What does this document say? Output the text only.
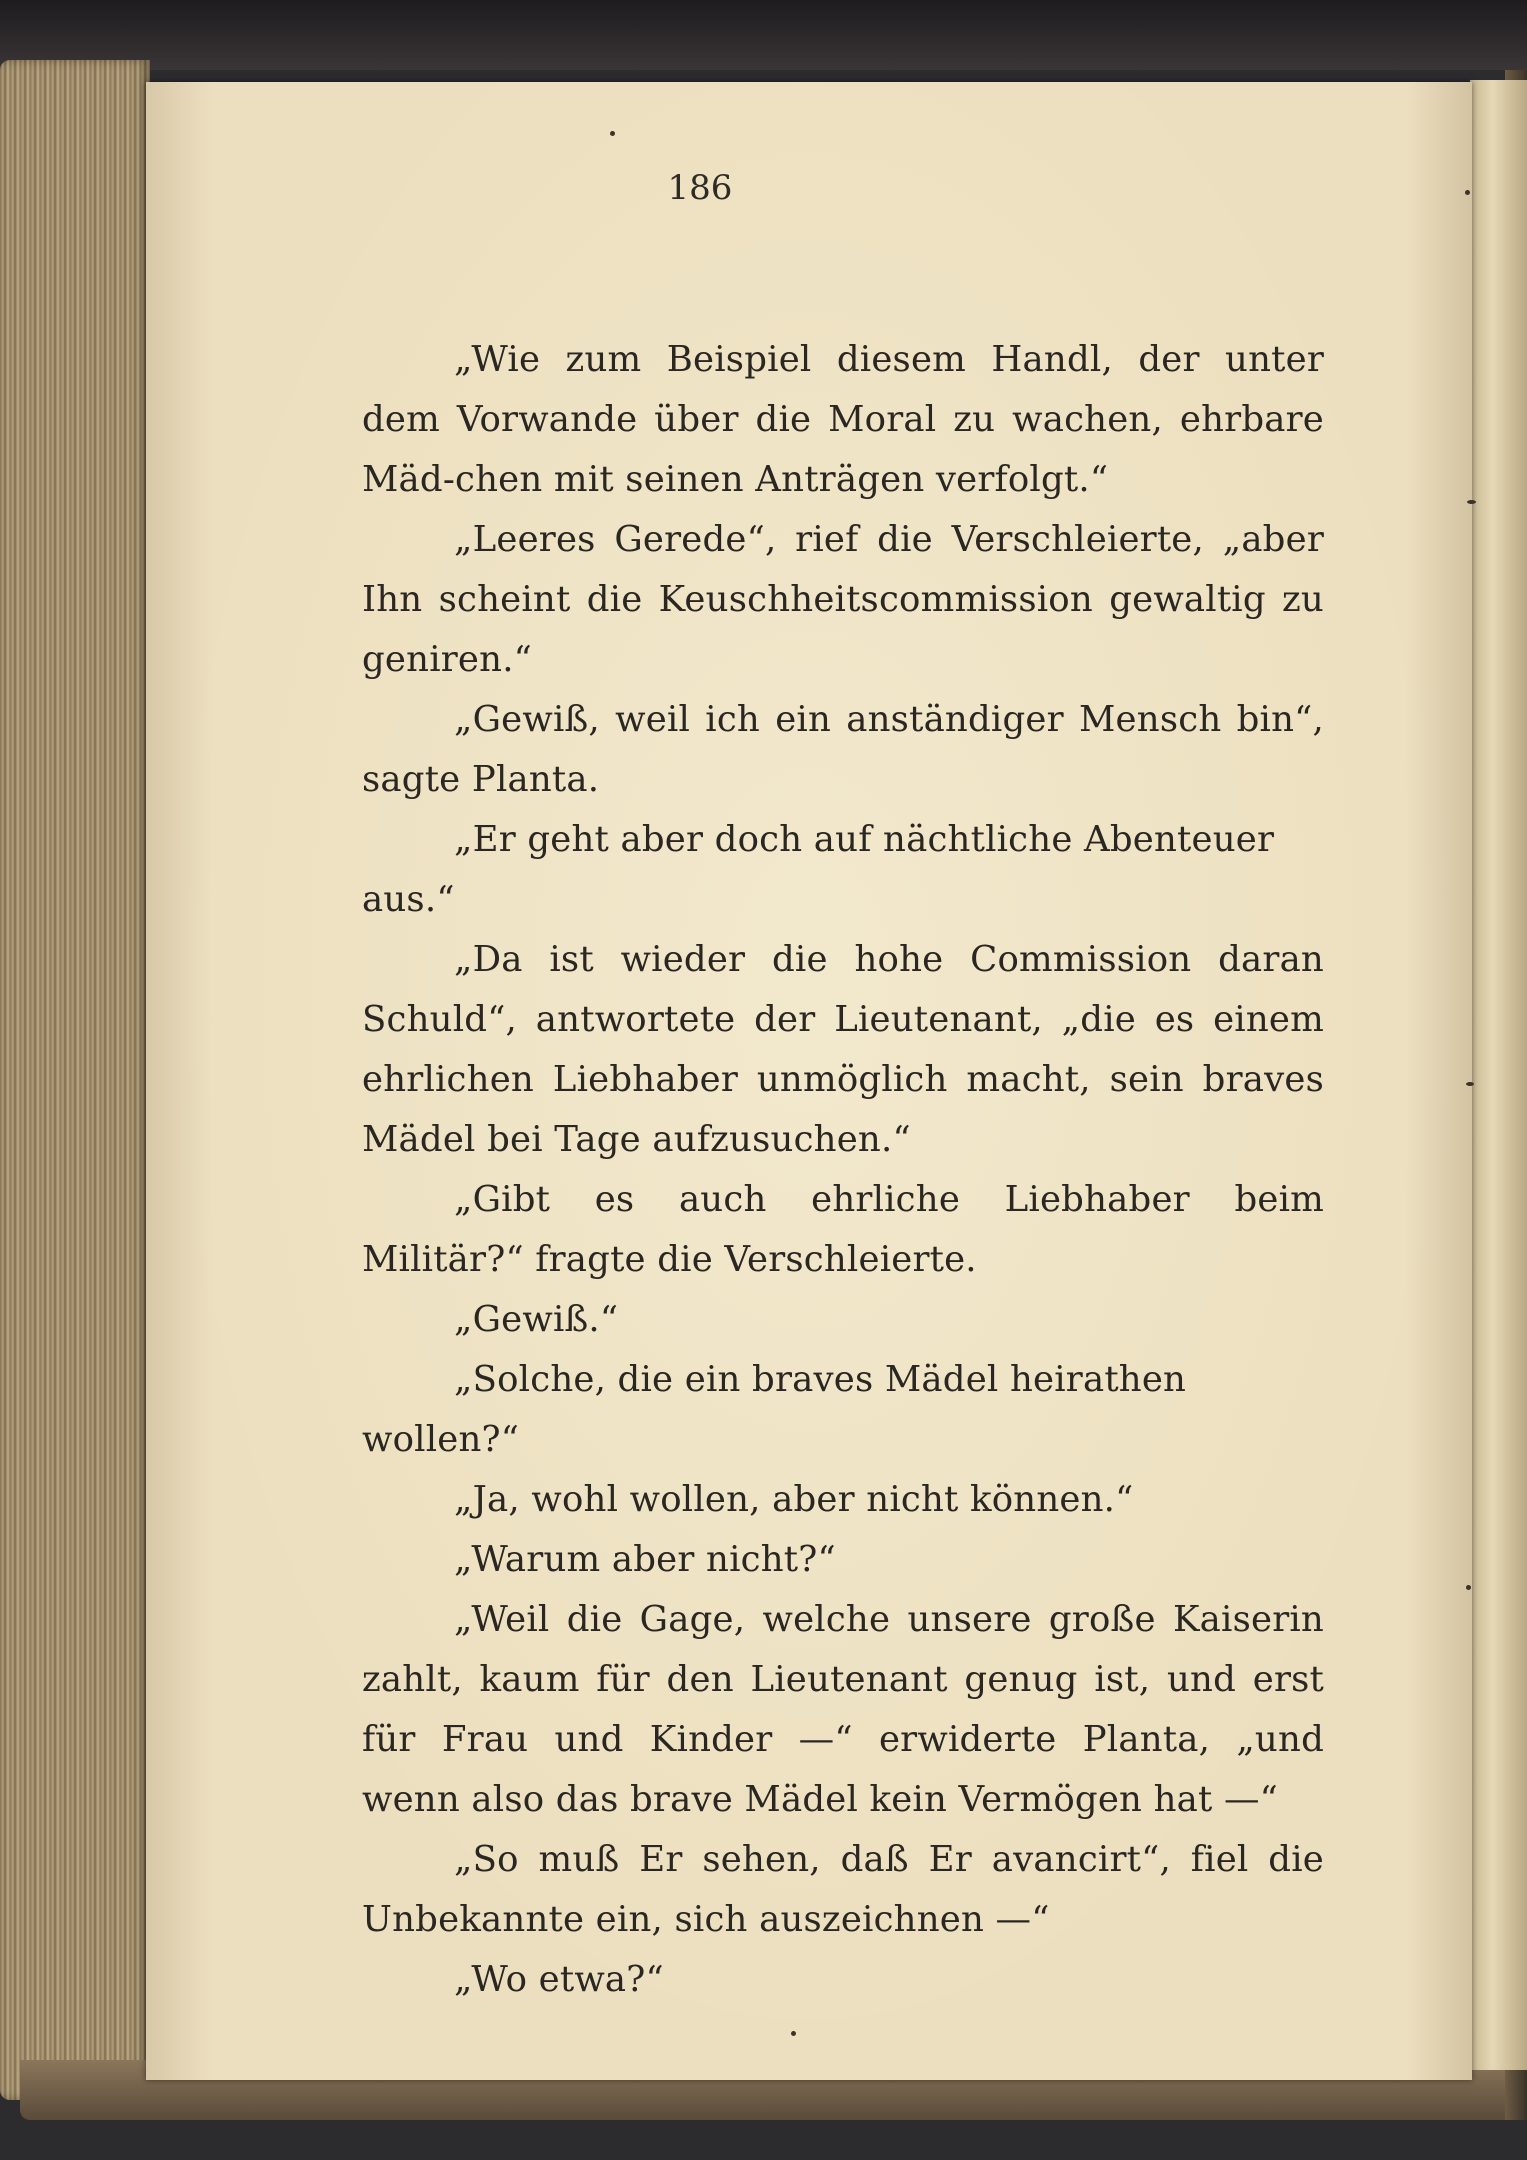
186

„Wie zum Beispiel diesem Handl, der unter dem Vorwande über die Moral zu wachen, ehrbare Mäd-chen mit seinen Anträgen verfolgt.“

„Leeres Gerede“, rief die Verschleierte, „aber Ihn scheint die Keuschheitscommission gewaltig zu geniren.“

„Gewiß, weil ich ein anständiger Mensch bin“, sagte Planta.

„Er geht aber doch auf nächtliche Abenteuer aus.“

„Da ist wieder die hohe Commission daran Schuld“, antwortete der Lieutenant, „die es einem ehrlichen Liebhaber unmöglich macht, sein braves Mädel bei Tage aufzusuchen.“

„Gibt es auch ehrliche Liebhaber beim Militär?“ fragte die Verschleierte.

„Gewiß.“

„Solche, die ein braves Mädel heirathen wollen?“

„Ja, wohl wollen, aber nicht können.“

„Warum aber nicht?“

„Weil die Gage, welche unsere große Kaiserin zahlt, kaum für den Lieutenant genug ist, und erst für Frau und Kinder —“ erwiderte Planta, „und wenn also das brave Mädel kein Vermögen hat —“

„So muß Er sehen, daß Er avancirt“, fiel die Unbekannte ein, sich auszeichnen —“

„Wo etwa?“
